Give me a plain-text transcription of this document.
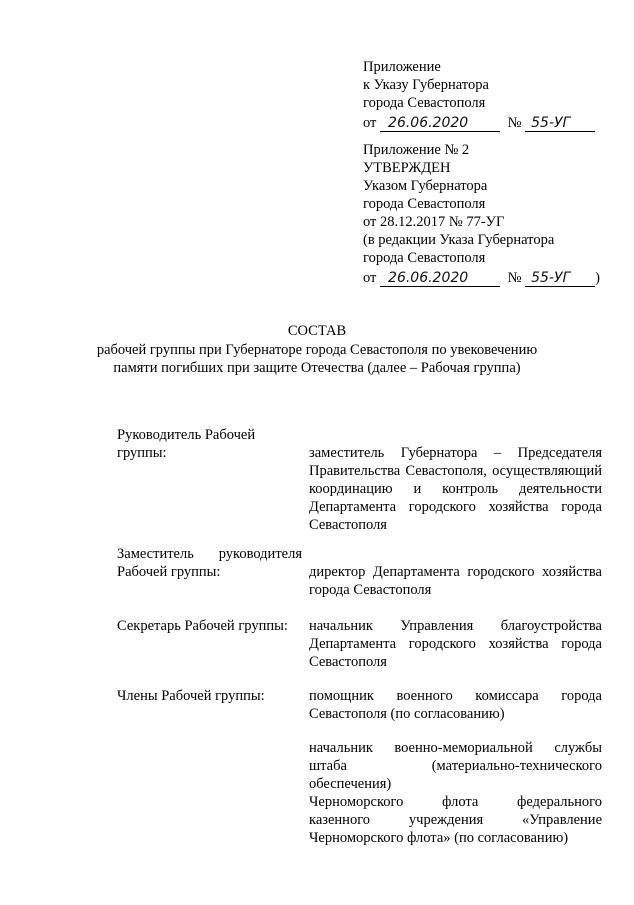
Приложение
к Указу Губернатора
города Севастополя
от 26.06.2020	№ 55-УГ
Приложение № 2
УТВЕРЖДЕН
Указом Губернатора
города Севастополя
от 28.12.2017 № 77-УГ
(в редакции Указа Губернатора
города Севастополя
от 26.06.2020	№ 55-УГ )
СОСТАВ
рабочей группы при Губернаторе города Севастополя по увековечению
памяти погибших при защите Отечества (далее – Рабочая группа)
Руководитель Рабочей
группы:	заместитель Губернатора – Председателя
Правительства Севастополя, осуществляющий
координацию и контроль деятельности
Департамента городского хозяйства города
Севастополя
Заместитель руководителя
Рабочей группы:	директор Департамента городского хозяйства
города Севастополя
Секретарь Рабочей группы:	начальник Управления благоустройства
Департамента городского хозяйства города
Севастополя
Члены Рабочей группы:	помощник военного комиссара города
Севастополя (по согласованию)
начальник военно-мемориальной службы
штаба (материально-технического обеспечения)
Черноморского флота федерального
казенного учреждения «Управление
Черноморского флота» (по согласованию)
